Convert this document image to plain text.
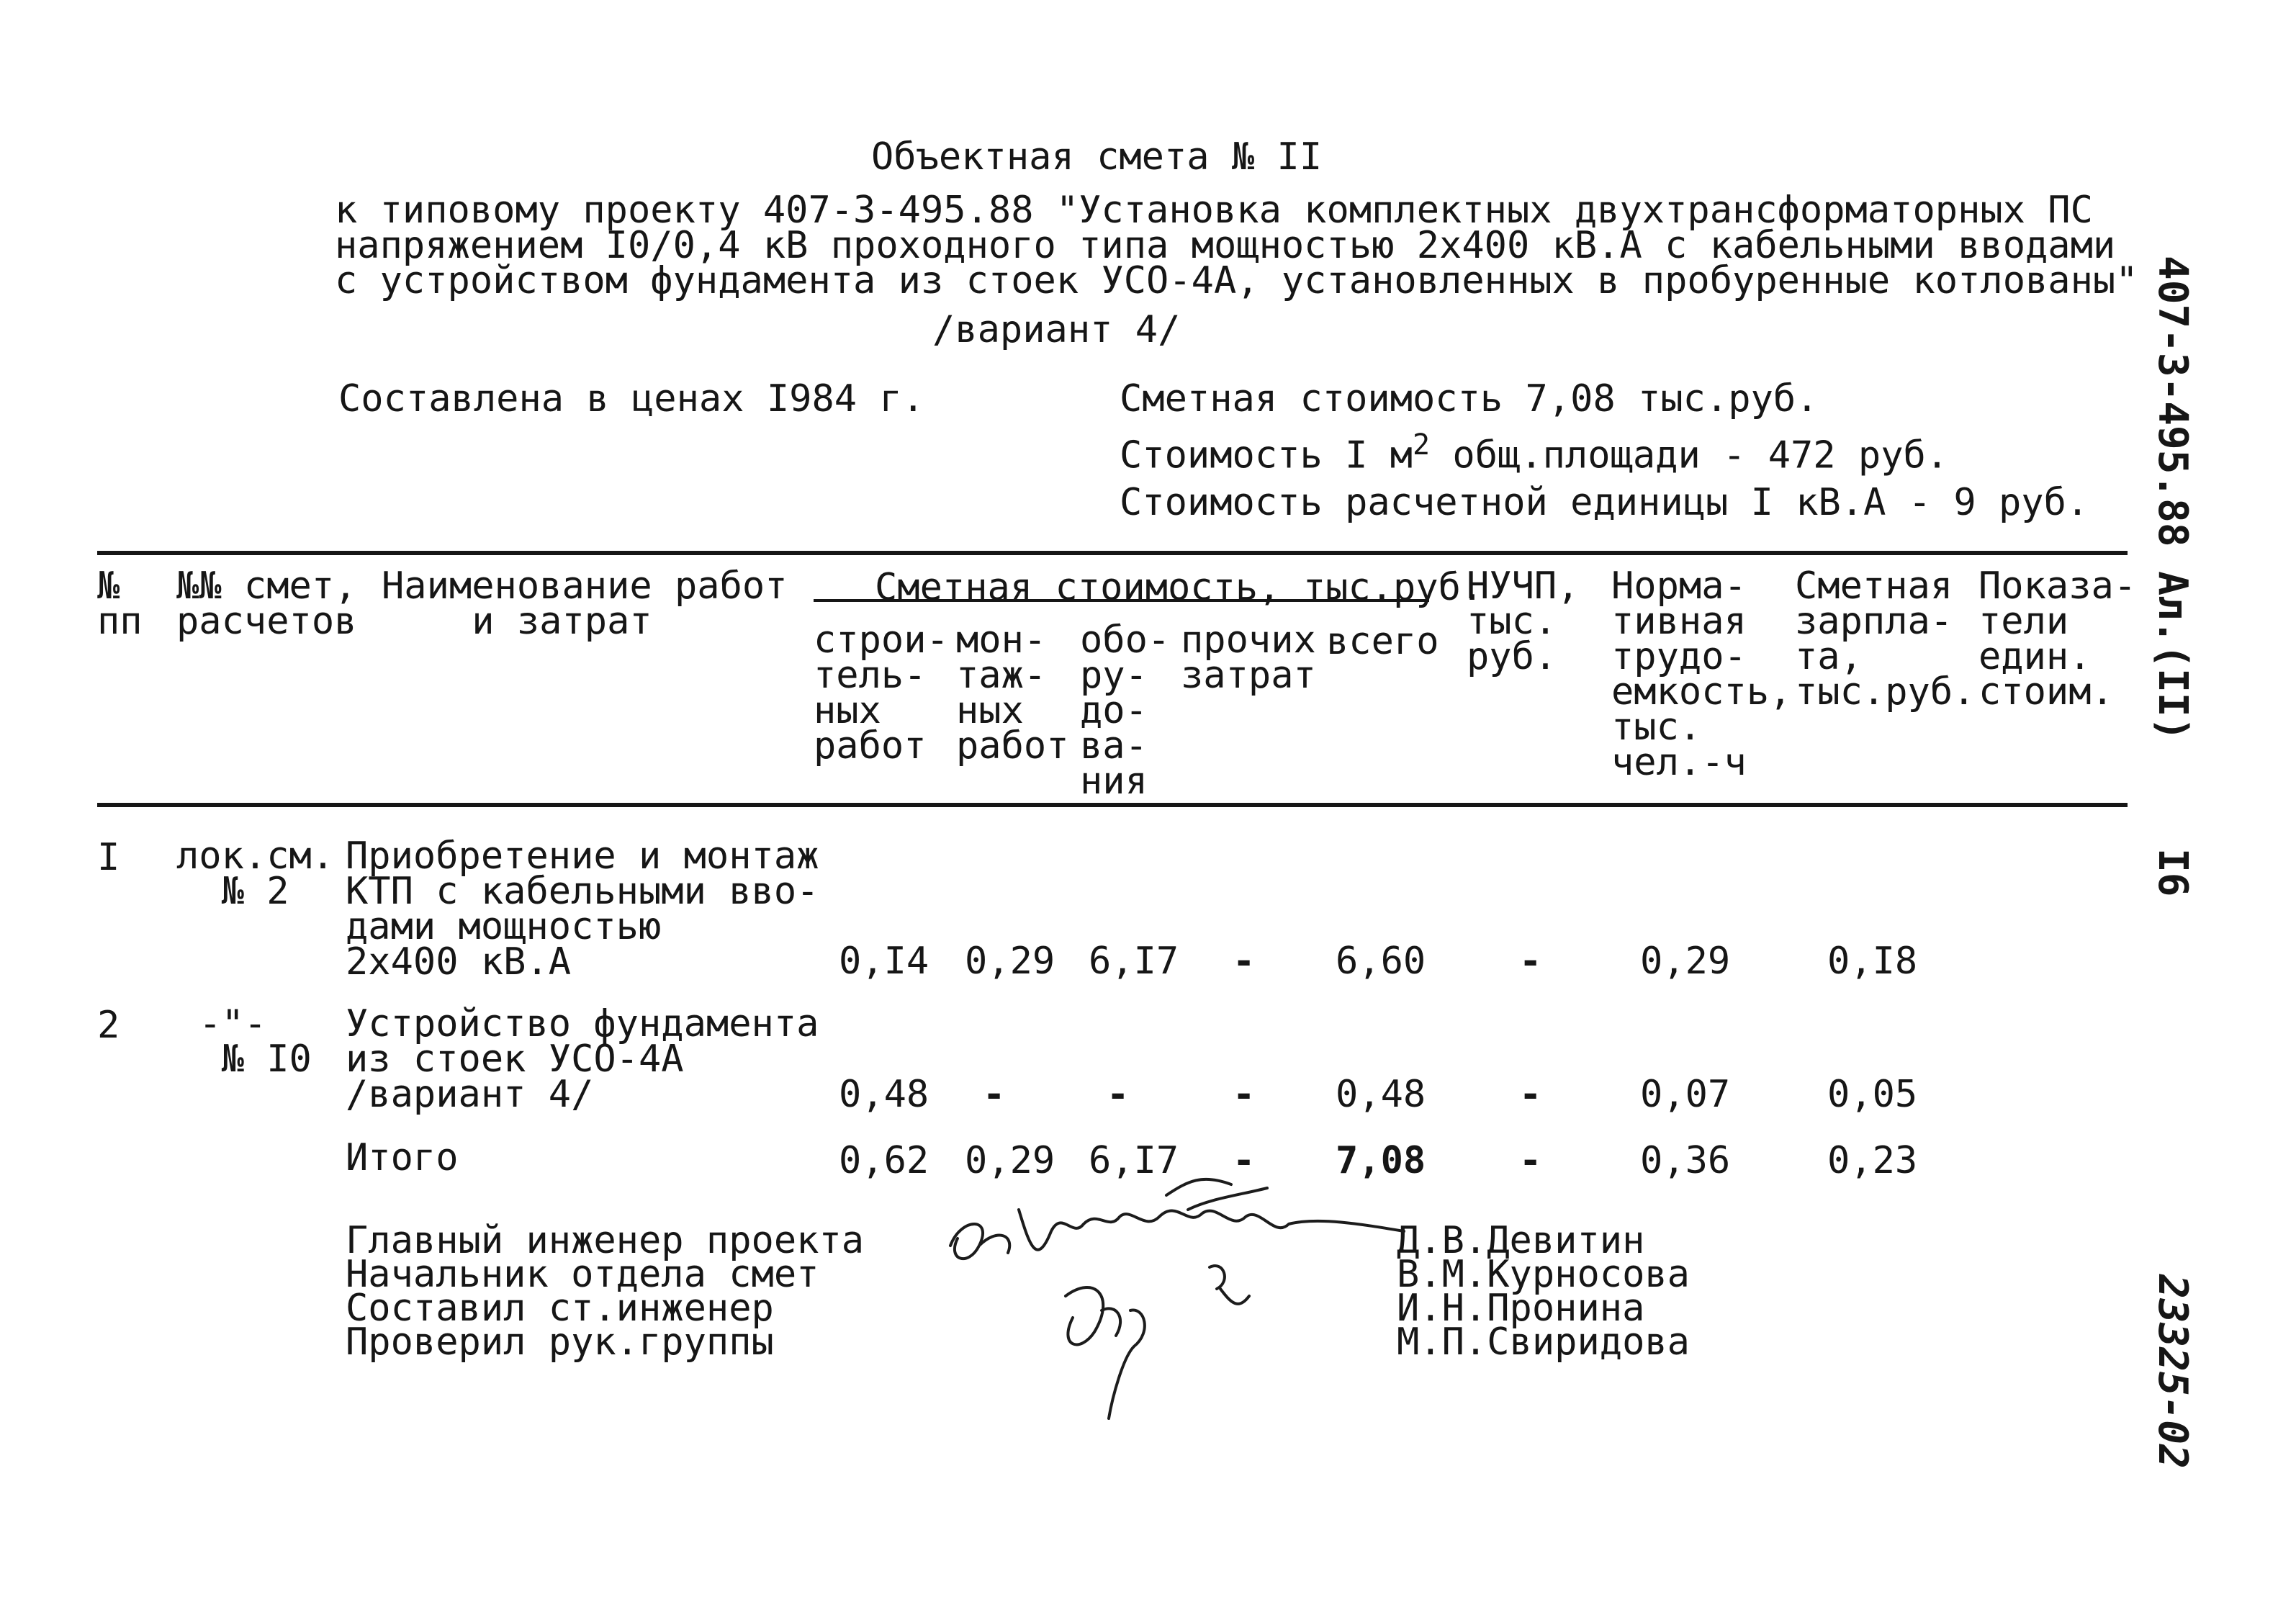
Объектная смета № II
к типовому проекту 407-3-495.88 "Установка комплектных двухтрансформаторных ПС
напряжением I0/0,4 кВ проходного типа мощностью 2х400 кВ.А с кабельными вводами
с устройством фундамента из стоек УСО-4А, установленных в пробуренные котлованы"
/вариант 4/
Составлена в ценах I984 г.	Сметная стоимость 7,08 тыс.руб.
Стоимость I $м^2$ общ.площади - 472 руб.
Стоимость расчетной единицы I кВ.А - 9 руб.
№
пп
№№ смет,
расчетов
Наименование работ
и затрат
Сметная стоимость, тыс.руб.
строи-
тель-
ных
работ
мон-
таж-
ных
работ
обо-
ру-
до-
ва-
ния
прочих
затрат
всего
НУЧП,
тыс.
руб.
Норма-
тивная
трудо-
емкость,
тыс.
чел.-ч
Сметная
зарпла-
та,
тыс.руб.
Показа-
тели
един.
стоим.
I лок.см.
№ 2
Приобретение и монтаж
КТП с кабельными вво-
дами мощностью
2х400 кВ.А	0,I4 0,29 6,I7 - 6,60 -	0,29	0,I8
2	-"-
№ I0
Устройство фундамента
из стоек УСО-4А
/вариант 4/	0,48 -	-	- 0,48 -	0,07	0,05
Итого	0,62 0,29 6,I7 - 7,08 -	0,36	0,23
Главный инженер проекта
Начальник отдела смет
Составил ст.инженер
Проверил рук.группы
Д.В.Девитин
В.М.Курносова
И.Н.Пронина
М.П.Свиридова
407-3-495.88 Ал.(II)
I6
23325-02
